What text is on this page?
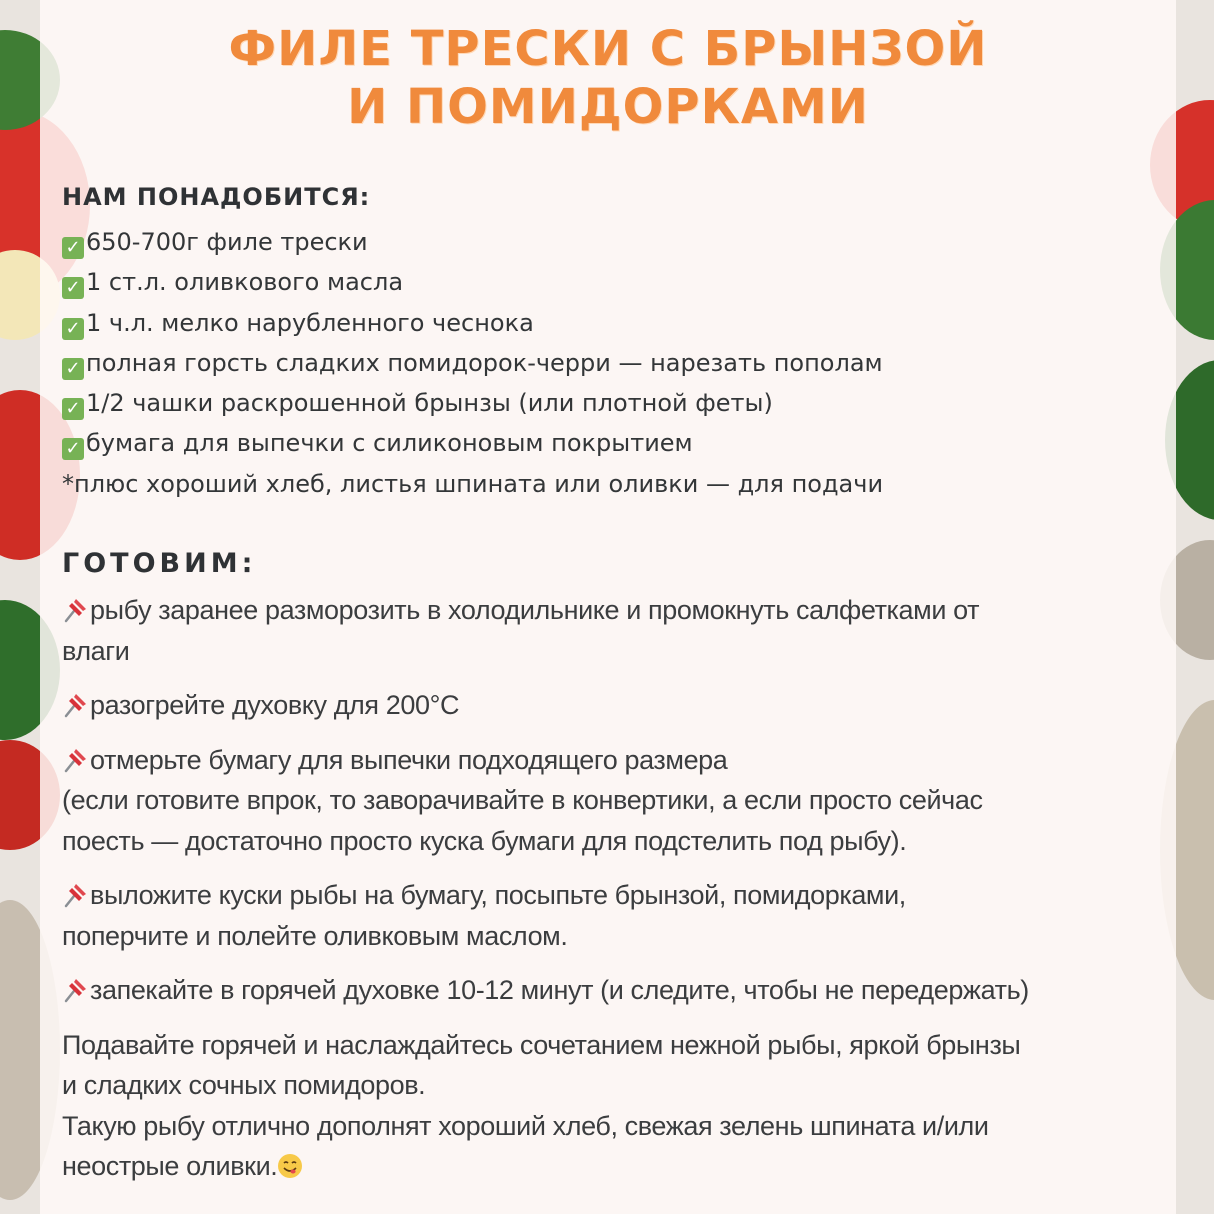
ФИЛЕ ТРЕСКИ С БРЫНЗОЙ
И ПОМИДОРКАМИ
НАМ ПОНАДОБИТСЯ:
✓ 650-700г филе трески
✓ 1 ст.л. оливкового масла
✓ 1 ч.л. мелко нарубленного чеснока
✓ полная горсть сладких помидорок-черри — нарезать пополам
✓ 1/2 чашки раскрошенной брынзы (или плотной феты)
✓ бумага для выпечки с силиконовым покрытием
*плюс хороший хлеб, листья шпината или оливки — для подачи
ГОТОВИМ:
рыбу заранее разморозить в холодильнике и промокнуть салфетками от
влаги
разогрейте духовку для 200°С
отмерьте бумагу для выпечки подходящего размера
(если готовите впрок, то заворачивайте в конвертики, а если просто сейчас
поесть — достаточно просто куска бумаги для подстелить под рыбу).
выложите куски рыбы на бумагу, посыпьте брынзой, помидорками,
поперчите и полейте оливковым маслом.
запекайте в горячей духовке 10-12 минут (и следите, чтобы не передержать)
Подавайте горячей и наслаждайтесь сочетанием нежной рыбы, яркой брынзы
и сладких сочных помидоров.
Такую рыбу отлично дополнят хороший хлеб, свежая зелень шпината и/или
неострые оливки.
